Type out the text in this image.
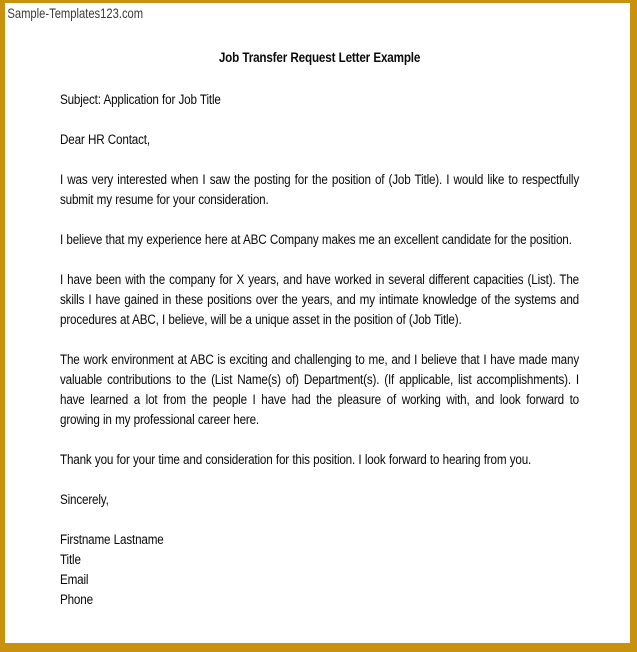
Sample-Templates123.com
Job Transfer Request Letter Example

Subject: Application for Job Title

Dear HR Contact,

I was very interested when I saw the posting for the position of (Job Title). I would like to respectfully submit my resume for your consideration.

I believe that my experience here at ABC Company makes me an excellent candidate for the position.

I have been with the company for X years, and have worked in several different capacities (List). The skills I have gained in these positions over the years, and my intimate knowledge of the systems and procedures at ABC, I believe, will be a unique asset in the position of (Job Title).

The work environment at ABC is exciting and challenging to me, and I believe that I have made many valuable contributions to the (List Name(s) of) Department(s). (If applicable, list accomplishments). I have learned a lot from the people I have had the pleasure of working with, and look forward to growing in my professional career here.

Thank you for your time and consideration for this position. I look forward to hearing from you.

Sincerely,

Firstname Lastname
Title
Email
Phone
